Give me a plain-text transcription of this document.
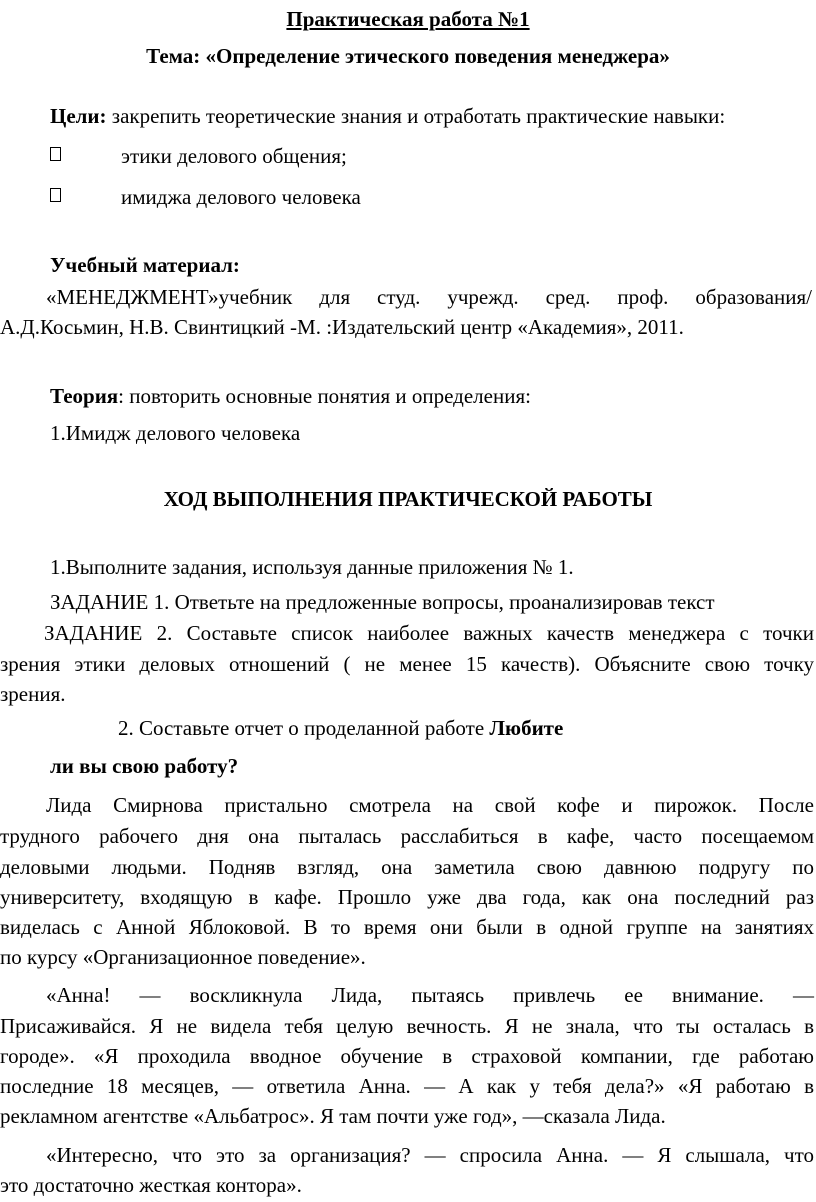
Практическая работа №1
Тема: «Определение этического поведения менеджера»
Цели: закрепить теоретические знания и отработать практические навыки:
этики делового общения;
имиджа делового человека
Учебный материал:
«МЕНЕДЖМЕНТ»учебник для студ. учрежд. сред. проф. образования/
А.Д.Косьмин, Н.В. Свинтицкий -М. :Издательский центр «Академия», 2011.
Теория: повторить основные понятия и определения:
1.Имидж делового человека
ХОД ВЫПОЛНЕНИЯ ПРАКТИЧЕСКОЙ РАБОТЫ
1.Выполните задания, используя данные приложения № 1.
ЗАДАНИЕ 1. Ответьте на предложенные вопросы, проанализировав текст
ЗАДАНИЕ 2. Составьте список наиболее важных качеств менеджера с точки
зрения этики деловых отношений ( не менее 15 качеств). Объясните свою точку
зрения.
2. Составьте отчет о проделанной работе Любите
ли вы свою работу?
Лида Смирнова пристально смотрела на свой кофе и пирожок. После
трудного рабочего дня она пыталась расслабиться в кафе, часто посещаемом
деловыми людьми. Подняв взгляд, она заметила свою давнюю подругу по
университету, входящую в кафе. Прошло уже два года, как она последний раз
виделась с Анной Яблоковой. В то время они были в одной группе на занятиях
по курсу «Организационное поведение».
«Анна! — воскликнула Лида, пытаясь привлечь ее внимание. —
Присаживайся. Я не видела тебя целую вечность. Я не знала, что ты осталась в
городе». «Я проходила вводное обучение в страховой компании, где работаю
последние 18 месяцев, — ответила Анна. — А как у тебя дела?» «Я работаю в
рекламном агентстве «Альбатрос». Я там почти уже год», —сказала Лида.
«Интересно, что это за организация? — спросила Анна. — Я слышала, что
это достаточно жесткая контора».
